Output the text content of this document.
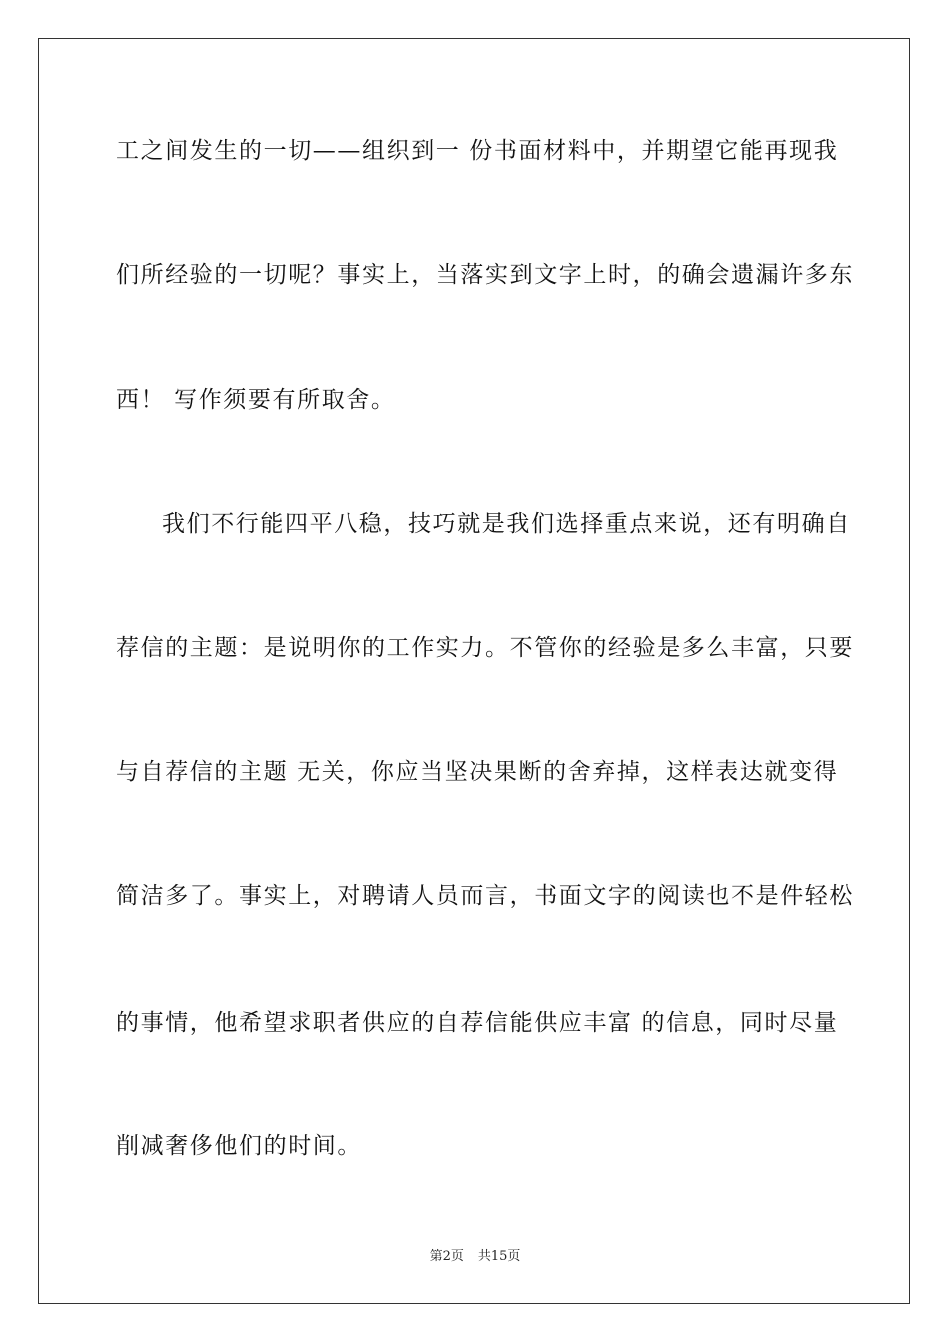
工之间发生的一切——组织到一 份书面材料中，并期望它能再现我
们所经验的一切呢？事实上，当落实到文字上时，的确会遗漏许多东
西！ 写作须要有所取舍。
我们不行能四平八稳，技巧就是我们选择重点来说，还有明确自
荐信的主题：是说明你的工作实力。不管你的经验是多么丰富，只要
与自荐信的主题 无关，你应当坚决果断的舍弃掉，这样表达就变得
简洁多了。事实上，对聘请人员而言，书面文字的阅读也不是件轻松
的事情，他希望求职者供应的自荐信能供应丰富 的信息，同时尽量
削减奢侈他们的时间。
第2页 共15页
